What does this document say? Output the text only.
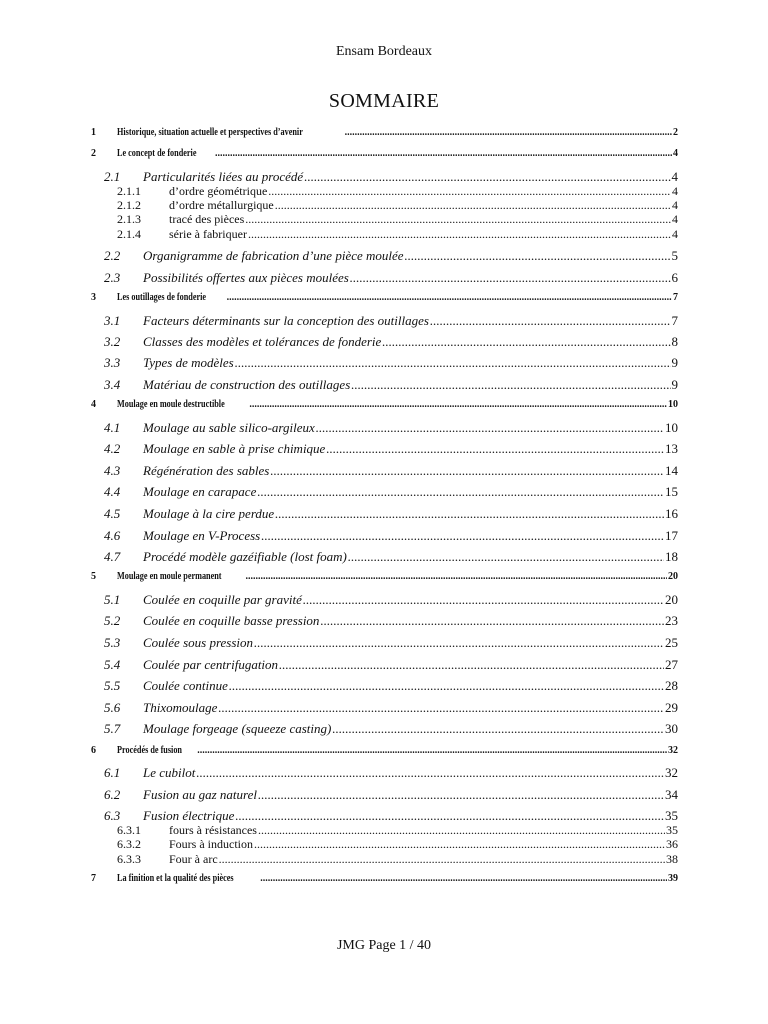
Ensam Bordeaux
SOMMAIRE
1 Historique, situation actuelle et perspectives d’avenir .....	2
2 Le concept de fonderie .....	4
2.1 Particularités liées au procédé .....	4
2.1.1 d’ordre géométrique .....	4
2.1.2 d’ordre métallurgique .....	4
2.1.3 tracé des pièces .....	4
2.1.4 série à fabriquer .....	4
2.2 Organigramme de fabrication d’une pièce moulée .....	5
2.3 Possibilités offertes aux pièces moulées .....	6
3 Les outillages de fonderie .....	7
3.1 Facteurs déterminants sur la conception des outillages .....	7
3.2 Classes des modèles et tolérances de fonderie .....	8
3.3 Types de modèles .....	9
3.4 Matériau de construction des outillages .....	9
4 Moulage en moule destructible .....	10
4.1 Moulage au sable silico-argileux .....	10
4.2 Moulage en sable à prise chimique .....	13
4.3 Régénération des sables .....	14
4.4 Moulage en carapace .....	15
4.5 Moulage à la cire perdue .....	16
4.6 Moulage en V-Process .....	17
4.7 Procédé modèle gazéifiable (lost foam) .....	18
5 Moulage en moule permanent .....	20
5.1 Coulée en coquille par gravité .....	20
5.2 Coulée en coquille basse pression .....	23
5.3 Coulée sous pression .....	25
5.4 Coulée par centrifugation .....	27
5.5 Coulée continue .....	28
5.6 Thixomoulage .....	29
5.7 Moulage forgeage (squeeze casting) .....	30
6 Procédés de fusion .....	32
6.1 Le cubilot .....	32
6.2 Fusion au gaz naturel .....	34
6.3 Fusion électrique .....	35
6.3.1 fours à résistances .....	35
6.3.2 Fours à induction .....	36
6.3.3 Four à arc .....	38
7 La finition et la qualité des pièces .....	39
JMG Page 1 / 40
